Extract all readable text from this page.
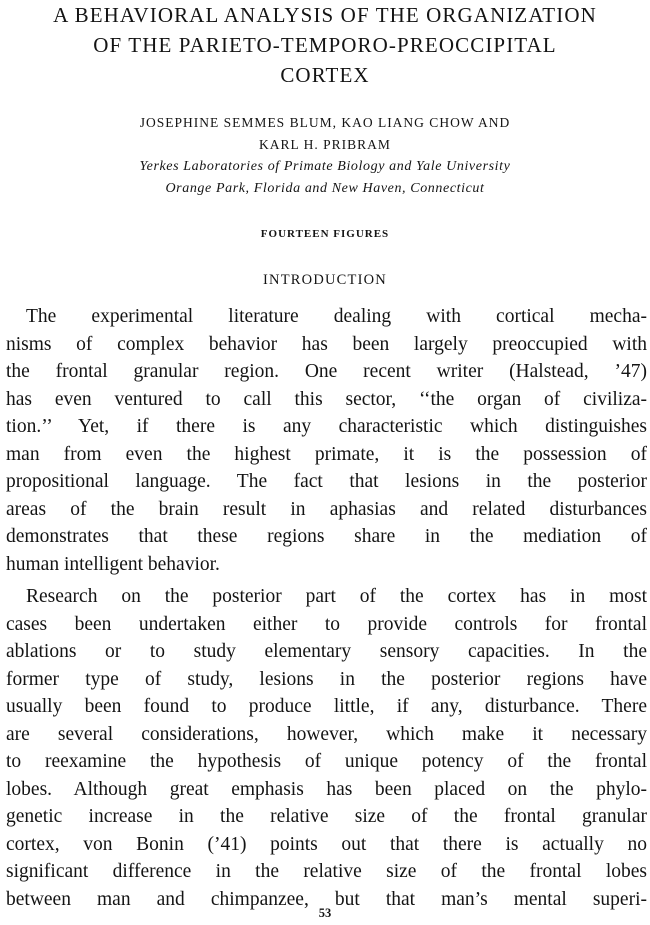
A BEHAVIORAL ANALYSIS OF THE ORGANIZATION
OF THE PARIETO-TEMPORO-PREOCCIPITAL
CORTEX
JOSEPHINE SEMMES BLUM, KAO LIANG CHOW AND
KARL H. PRIBRAM
Yerkes Laboratories of Primate Biology and Yale University
Orange Park, Florida and New Haven, Connecticut
FOURTEEN FIGURES
INTRODUCTION
The experimental literature dealing with cortical mecha-
nisms of complex behavior has been largely preoccupied with
the frontal granular region. One recent writer (Halstead, ’47)
has even ventured to call this sector, ‘‘the organ of civiliza-
tion.’’ Yet, if there is any characteristic which distinguishes
man from even the highest primate, it is the possession of
propositional language. The fact that lesions in the posterior
areas of the brain result in aphasias and related disturbances
demonstrates that these regions share in the mediation of
human intelligent behavior.
Research on the posterior part of the cortex has in most
cases been undertaken either to provide controls for frontal
ablations or to study elementary sensory capacities. In the
former type of study, lesions in the posterior regions have
usually been found to produce little, if any, disturbance. There
are several considerations, however, which make it necessary
to reexamine the hypothesis of unique potency of the frontal
lobes. Although great emphasis has been placed on the phylo-
genetic increase in the relative size of the frontal granular
cortex, von Bonin (’41) points out that there is actually no
significant difference in the relative size of the frontal lobes
between man and chimpanzee, but that man’s mental superi-
53
